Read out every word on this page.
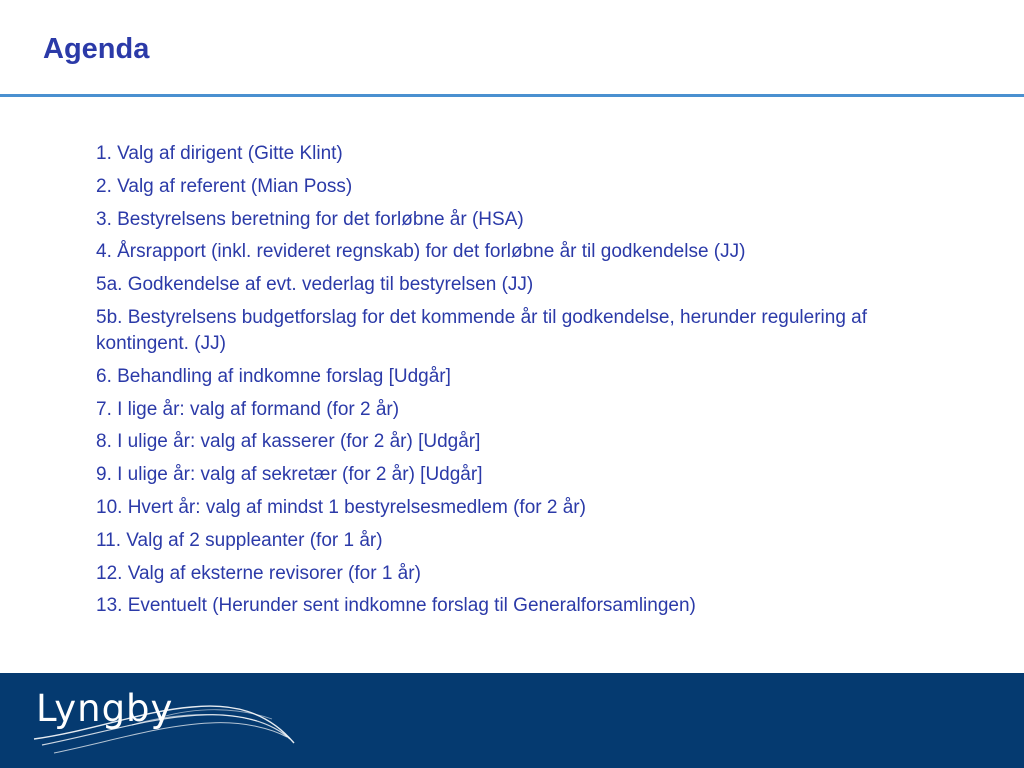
Agenda
1. Valg af dirigent (Gitte Klint)
2. Valg af referent (Mian Poss)
3. Bestyrelsens beretning for det forløbne år (HSA)
4. Årsrapport (inkl. revideret regnskab) for det forløbne år til godkendelse (JJ)
5a. Godkendelse af evt. vederlag til bestyrelsen (JJ)
5b. Bestyrelsens budgetforslag for det kommende år til godkendelse, herunder regulering af kontingent. (JJ)
6. Behandling af indkomne forslag [Udgår]
7. I lige år: valg af formand (for 2 år)
8. I ulige år: valg af kasserer (for 2 år) [Udgår]
9. I ulige år: valg af sekretær (for 2 år) [Udgår]
10. Hvert år: valg af mindst 1 bestyrelsesmedlem (for 2 år)
11. Valg af 2 suppleanter (for 1 år)
12. Valg af eksterne revisorer (for 1 år)
13. Eventuelt (Herunder sent indkomne forslag til Generalforsamlingen)
Lyngby
